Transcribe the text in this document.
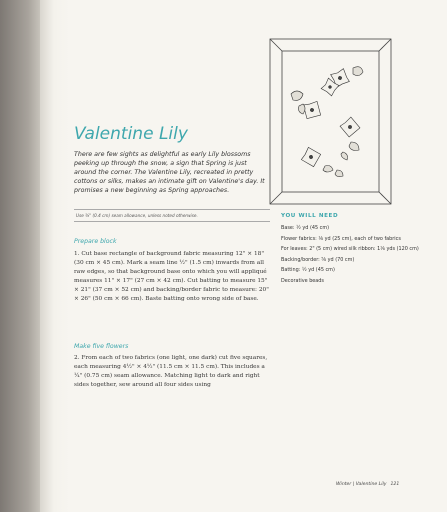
Valentine Lily

There are few sights as delightful as early Lily blossoms peeking up through the snow, a sign that Spring is just around the corner. The Valentine Lily, recreated in pretty cottons or silks, makes an intimate gift on Valentine's day. It promises a new beginning as Spring approaches.

Use ⅜" (0.4 cm) seam allowance, unless noted otherwise.
Prepare block
1. Cut base rectangle of background fabric measuring 12" × 18" (30 cm × 45 cm). Mark a seam line ½" (1.5 cm) inwards from all raw edges, so that background base onto which you will appliqué measures 11" × 17" (27 cm × 42 cm). Cut batting to measure 15" × 21" (37 cm × 52 cm) and backing/border fabric to measure: 20" × 26" (50 cm × 66 cm). Baste batting onto wrong side of base.
Make five flowers
2. From each of two fabrics (one light, one dark) cut five squares, each measuring 4½" × 4½" (11.5 cm × 11.5 cm). This includes a ¼" (0.75 cm) seam allowance. Matching light to dark and right sides together, sew around all four sides using
YOU WILL NEED
Base: ½ yd (45 cm)
Flower fabrics: ⅛ yd (25 cm), each of two fabrics
For leaves: 2" (5 cm) wired silk ribbon: 1⅛ yds (120 cm)
Backing/border: ⅝ yd (70 cm)
Batting: ½ yd (45 cm)
Decorative beads
Winter | Valentine Lily 121
